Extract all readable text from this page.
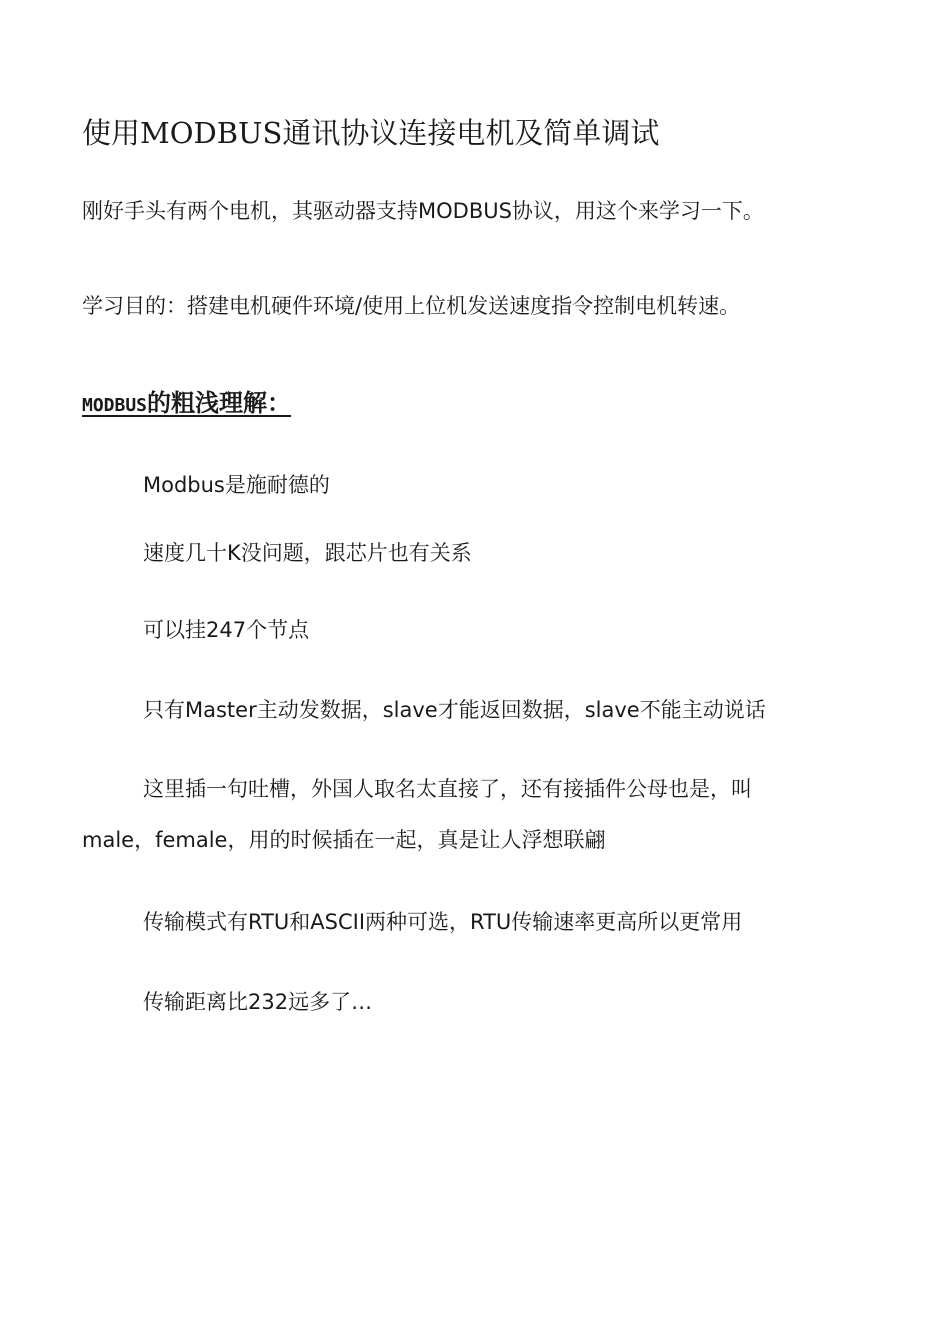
使用MODBUS通讯协议连接电机及简单调试
刚好手头有两个电机，其驱动器支持MODBUS协议，用这个来学习一下。
学习目的：搭建电机硬件环境/使用上位机发送速度指令控制电机转速。
MODBUS的粗浅理解：
Modbus是施耐德的
速度几十K没问题，跟芯片也有关系
可以挂247个节点
只有Master主动发数据，slave才能返回数据，slave不能主动说话
这里插一句吐槽，外国人取名太直接了，还有接插件公母也是，叫
male，female，用的时候插在一起，真是让人浮想联翩
传输模式有RTU和ASCII两种可选，RTU传输速率更高所以更常用
传输距离比232远多了…
